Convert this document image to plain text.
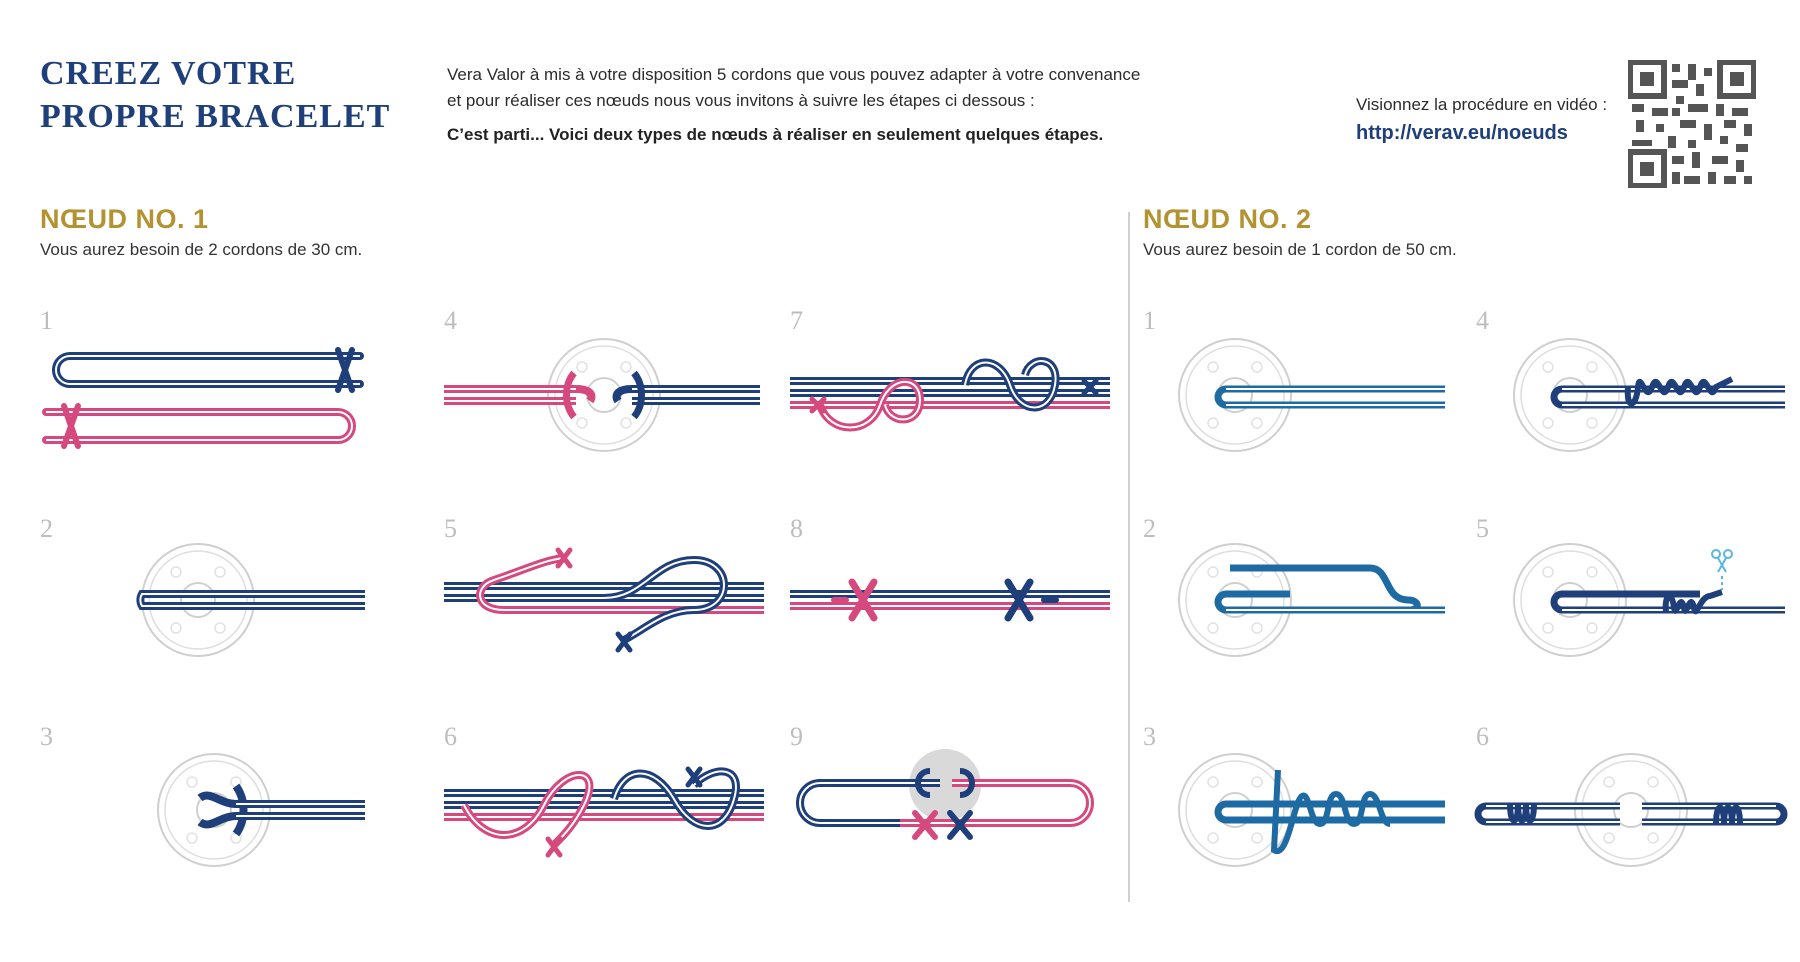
CREEZ VOTRE
PROPRE BRACELET

Vera Valor à mis à votre disposition 5 cordons que vous pouvez adapter à votre convenance

et pour réaliser ces nœuds nous vous invitons à suivre les étapes ci dessous :

C’est parti... Voici deux types de nœuds à réaliser en seulement quelques étapes.

Visionnez la procédure en vidéo :
http://verav.eu/noeuds
NŒUD NO. 1
Vous aurez besoin de 2 cordons de 30 cm.
NŒUD NO. 2
Vous aurez besoin de 1 cordon de 50 cm.
1
2
3
4
5
6
7
8
9
1
2
3
4
5
6
